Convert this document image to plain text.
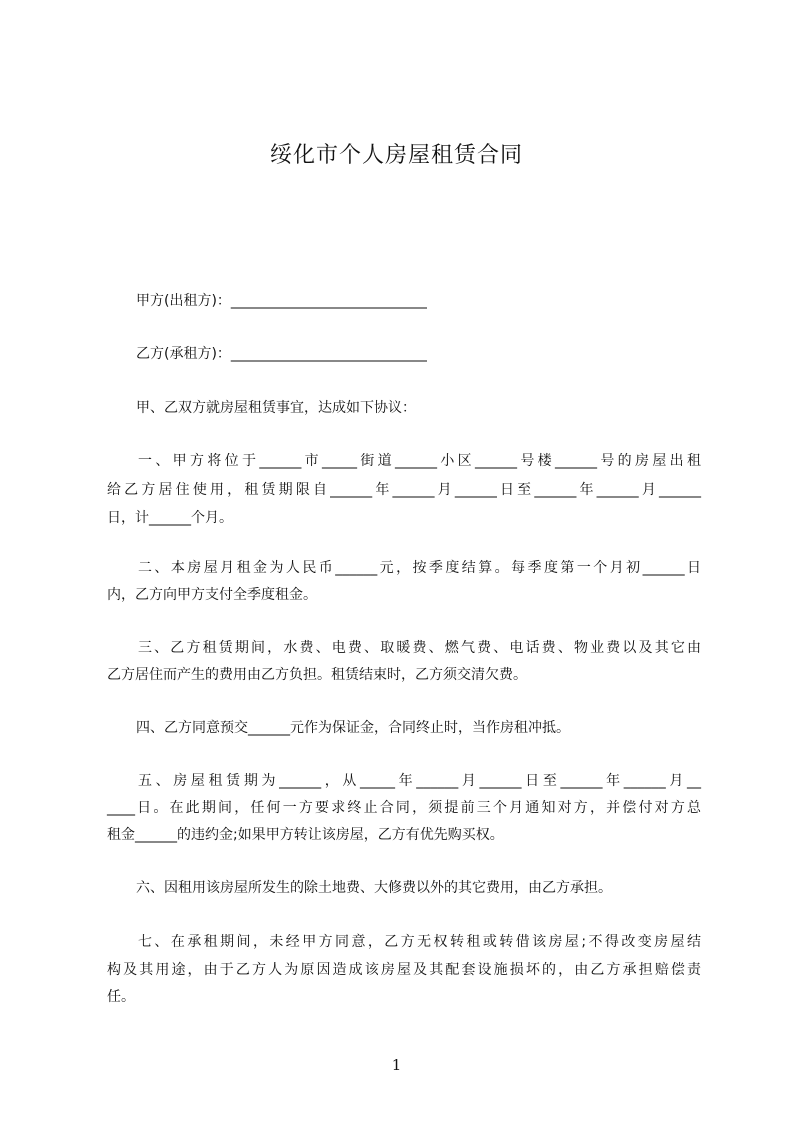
绥化市个人房屋租赁合同
甲方(出租方)：____________________________
乙方(承租方)：____________________________
甲、乙双方就房屋租赁事宜，达成如下协议：
一、甲方将位于______市_____街道______小区______号楼______号的房屋出租
给乙方居住使用，租赁期限自______年______月______日至______年______月______
日，计______个月。
二、本房屋月租金为人民币______元，按季度结算。每季度第一个月初______日
内，乙方向甲方支付全季度租金。
三、乙方租赁期间，水费、电费、取暖费、燃气费、电话费、物业费以及其它由
乙方居住而产生的费用由乙方负担。租赁结束时，乙方须交清欠费。
四、乙方同意预交______元作为保证金，合同终止时，当作房租冲抵。
五、房屋租赁期为______，从_____年______月______日至______年______月__
____日。在此期间，任何一方要求终止合同，须提前三个月通知对方，并偿付对方总
租金______的违约金;如果甲方转让该房屋，乙方有优先购买权。
六、因租用该房屋所发生的除土地费、大修费以外的其它费用，由乙方承担。
七、在承租期间，未经甲方同意，乙方无权转租或转借该房屋;不得改变房屋结
构及其用途，由于乙方人为原因造成该房屋及其配套设施损坏的，由乙方承担赔偿责
任。
1
